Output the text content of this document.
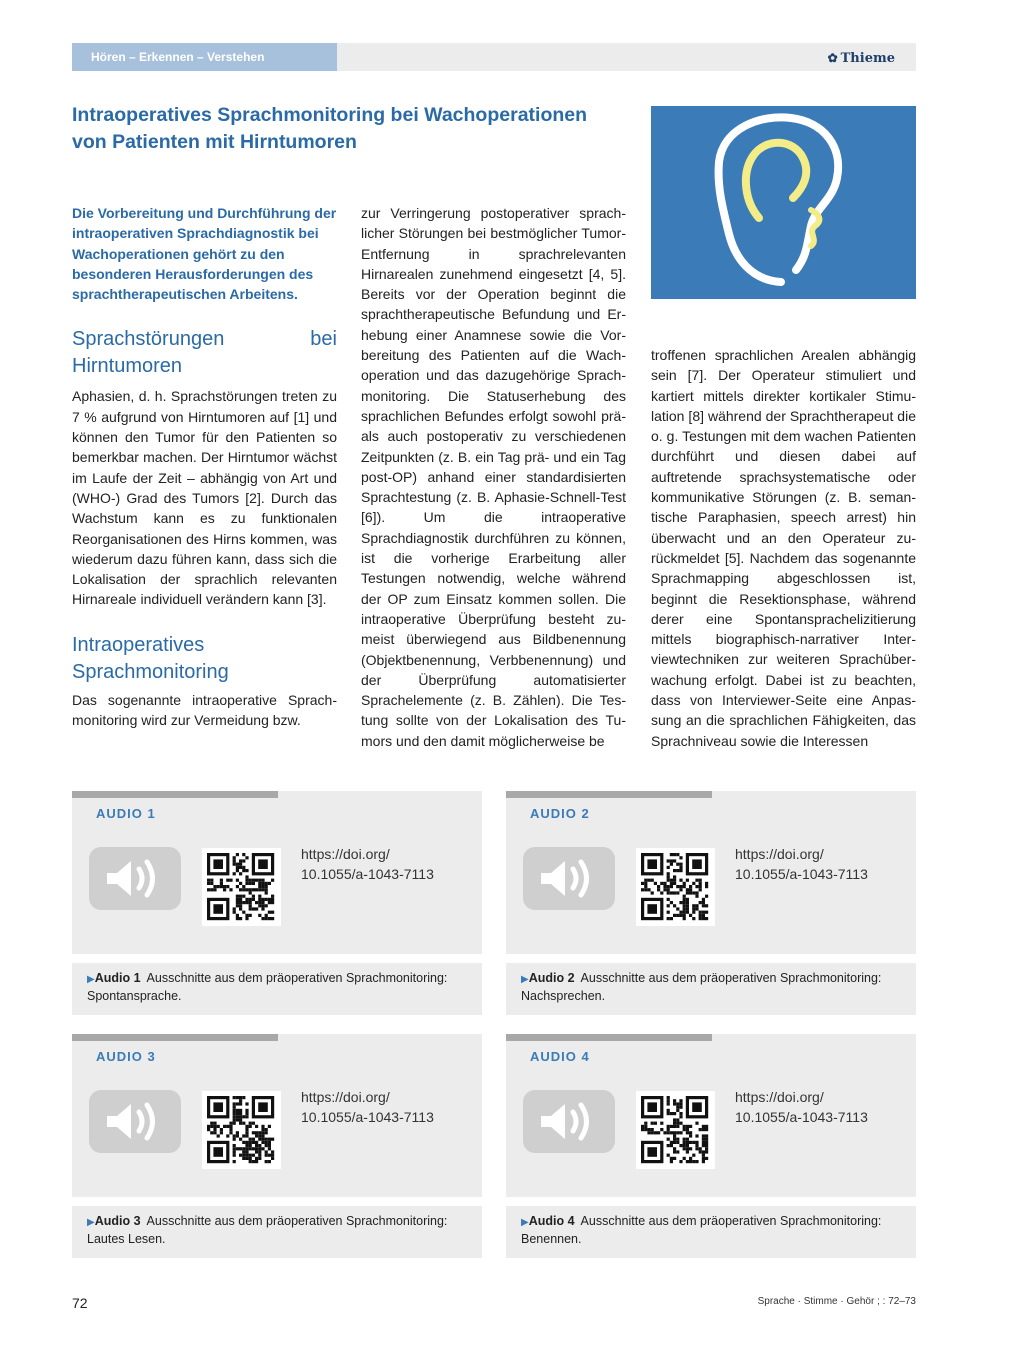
Hören – Erkennen – Verstehen	✿ Thieme
Intraoperatives Sprachmonitoring bei Wachoperationen von Patienten mit Hirntumoren

Die Vorbereitung und Durchführung der intraoperativen Sprachdiagnostik bei Wachoperationen gehört zu den besonderen Herausforderungen des sprachtherapeutischen Arbeitens.

Sprachstörungen bei Hirntumoren

Aphasien, d. h. Sprachstörungen treten zu 7 % aufgrund von Hirntumoren auf [1] und können den Tumor für den Patienten so bemerkbar machen. Der Hirntumor wächst im Laufe der Zeit – abhängig von Art und (WHO-) Grad des Tumors [2]. Durch das Wachstum kann es zu funktionalen Reorganisationen des Hirns kommen, was wiederum dazu führen kann, dass sich die Lokalisation der sprachlich relevanten Hirnareale individuell verändern kann [3].

Intraoperatives Sprachmonitoring

Das sogenannte intraoperative Sprachmonitoring wird zur Vermeidung bzw.

zur Verringerung postoperativer sprachlicher Störungen bei bestmöglicher Tumor-Entfernung in sprachrelevanten Hirnarealen zunehmend eingesetzt [4, 5]. Bereits vor der Operation beginnt die sprachtherapeutische Befundung und Erhebung einer Anamnese sowie die Vorbereitung des Patienten auf die Wachoperation und das dazugehörige Sprachmonitoring. Die Statuserhebung des sprachlichen Befundes erfolgt sowohl prä- als auch postoperativ zu verschiedenen Zeitpunkten (z. B. ein Tag prä- und ein Tag post-OP) anhand einer standardisierten Sprachtestung (z. B. Aphasie-Schnell-Test [6]). Um die intraoperative Sprachdiagnostik durchführen zu können, ist die vorherige Erarbeitung aller Testungen notwendig, welche während der OP zum Einsatz kommen sollen. Die intraoperative Überprüfung besteht zumeist überwiegend aus Bildbenennung (Objektbenennung, Verbbenennung) und der Überprüfung automatisierter Sprachelemente (z. B. Zählen). Die Testung sollte von der Lokalisation des Tumors und den damit möglicherweise be

troffenen sprachlichen Arealen abhängig sein [7]. Der Operateur stimuliert und kartiert mittels direkter kortikaler Stimulation [8] während der Sprachtherapeut die o. g. Testungen mit dem wachen Patienten durchführt und diesen dabei auf auftretende sprachsystematische oder kommunikative Störungen (z. B. semantische Paraphasien, speech arrest) hin überwacht und an den Operateur zurückmeldet [5]. Nachdem das sogenannte Sprachmapping abgeschlossen ist, beginnt die Resektionsphase, während derer eine Spontansprachelizitierung mittels biographisch-narrativer Interviewtechniken zur weiteren Sprachüberwachung erfolgt. Dabei ist zu beachten, dass von Interviewer-Seite eine Anpassung an die sprachlichen Fähigkeiten, das Sprachniveau sowie die Interessen

AUDIO 1
https://doi.org/
10.1055/a-1043-7113
▶Audio 1 Ausschnitte aus dem präoperativen Sprachmonitoring: Spontansprache.
AUDIO 2
https://doi.org/
10.1055/a-1043-7113
▶Audio 2 Ausschnitte aus dem präoperativen Sprachmonitoring: Nachsprechen.
AUDIO 3
https://doi.org/
10.1055/a-1043-7113
▶Audio 3 Ausschnitte aus dem präoperativen Sprachmonitoring: Lautes Lesen.
AUDIO 4
https://doi.org/
10.1055/a-1043-7113
▶Audio 4 Ausschnitte aus dem präoperativen Sprachmonitoring: Benennen.
72	Sprache · Stimme · Gehör ; : 72–73
